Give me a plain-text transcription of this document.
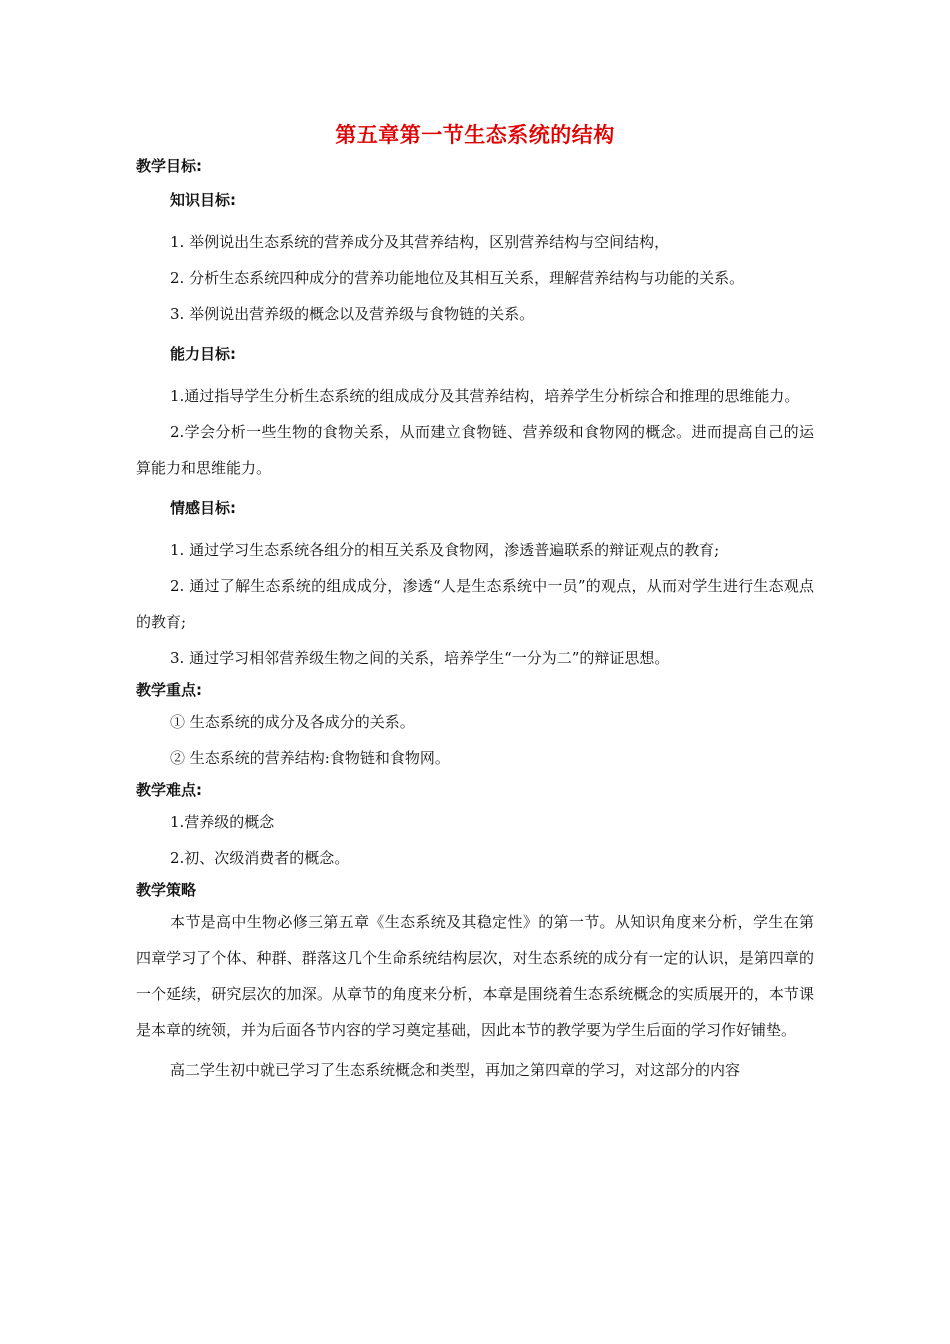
第五章第一节生态系统的结构

教学目标:

知识目标:

1. 举例说出生态系统的营养成分及其营养结构，区别营养结构与空间结构，

2. 分析生态系统四种成分的营养功能地位及其相互关系，理解营养结构与功能的关系。

3. 举例说出营养级的概念以及营养级与食物链的关系。

能力目标:

1.通过指导学生分析生态系统的组成成分及其营养结构，培养学生分析综合和推理的思维能力。

2.学会分析一些生物的食物关系，从而建立食物链、营养级和食物网的概念。进而提高自己的运算能力和思维能力。

情感目标:

1. 通过学习生态系统各组分的相互关系及食物网，渗透普遍联系的辩证观点的教育;

2. 通过了解生态系统的组成成分，渗透“人是生态系统中一员”的观点，从而对学生进行生态观点的教育;

3. 通过学习相邻营养级生物之间的关系，培养学生“一分为二”的辩证思想。

教学重点:

① 生态系统的成分及各成分的关系。

② 生态系统的营养结构:食物链和食物网。

教学难点:

1.营养级的概念

2.初、次级消费者的概念。

教学策略

本节是高中生物必修三第五章《生态系统及其稳定性》的第一节。从知识角度来分析，学生在第四章学习了个体、种群、群落这几个生命系统结构层次，对生态系统的成分有一定的认识，是第四章的一个延续，研究层次的加深。从章节的角度来分析，本章是围绕着生态系统概念的实质展开的，本节课是本章的统领，并为后面各节内容的学习奠定基础，因此本节的教学要为学生后面的学习作好铺垫。

高二学生初中就已学习了生态系统概念和类型，再加之第四章的学习，对这部分的内容
